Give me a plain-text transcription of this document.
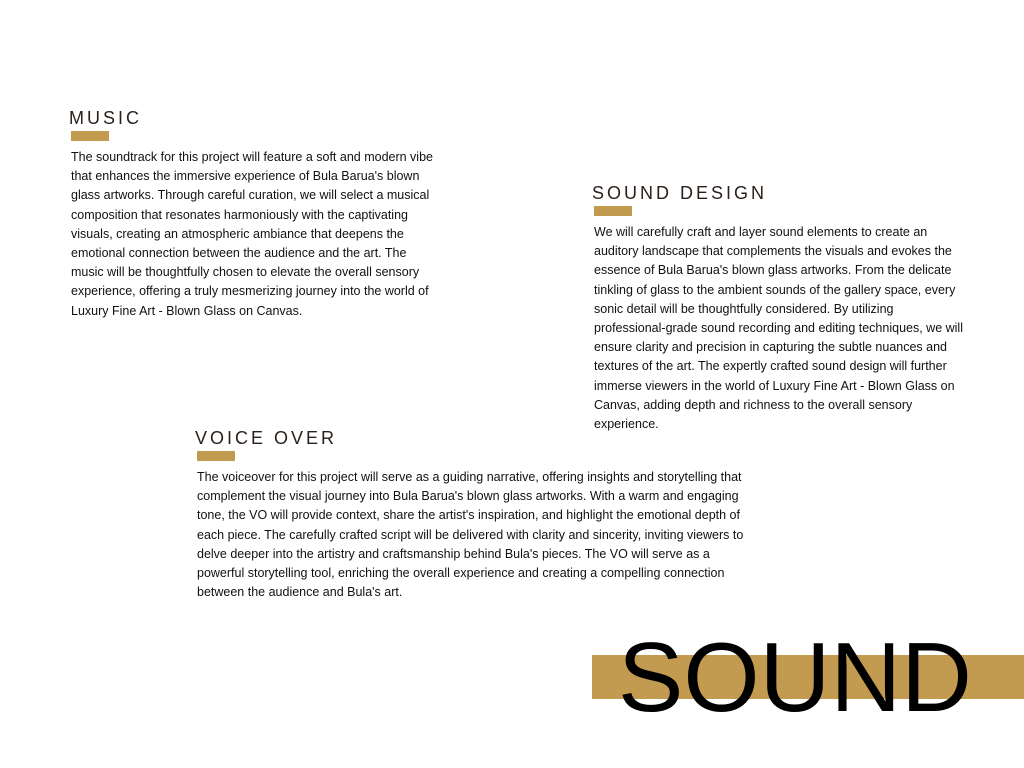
MUSIC

The soundtrack for this project will feature a soft and modern vibe that enhances the immersive experience of Bula Barua's blown glass artworks. Through careful curation, we will select a musical composition that resonates harmoniously with the captivating visuals, creating an atmospheric ambiance that deepens the emotional connection between the audience and the art. The music will be thoughtfully chosen to elevate the overall sensory experience, offering a truly mesmerizing journey into the world of Luxury Fine Art - Blown Glass on Canvas.

SOUND DESIGN

We will carefully craft and layer sound elements to create an auditory landscape that complements the visuals and evokes the essence of Bula Barua's blown glass artworks. From the delicate tinkling of glass to the ambient sounds of the gallery space, every sonic detail will be thoughtfully considered. By utilizing professional-grade sound recording and editing techniques, we will ensure clarity and precision in capturing the subtle nuances and textures of the art. The expertly crafted sound design will further immerse viewers in the world of Luxury Fine Art - Blown Glass on Canvas, adding depth and richness to the overall sensory experience.

VOICE OVER

The voiceover for this project will serve as a guiding narrative, offering insights and storytelling that complement the visual journey into Bula Barua's blown glass artworks. With a warm and engaging tone, the VO will provide context, share the artist's inspiration, and highlight the emotional depth of each piece. The carefully crafted script will be delivered with clarity and sincerity, inviting viewers to delve deeper into the artistry and craftsmanship behind Bula's pieces. The VO will serve as a powerful storytelling tool, enriching the overall experience and creating a compelling connection between the audience and Bula's art.

SOUND
